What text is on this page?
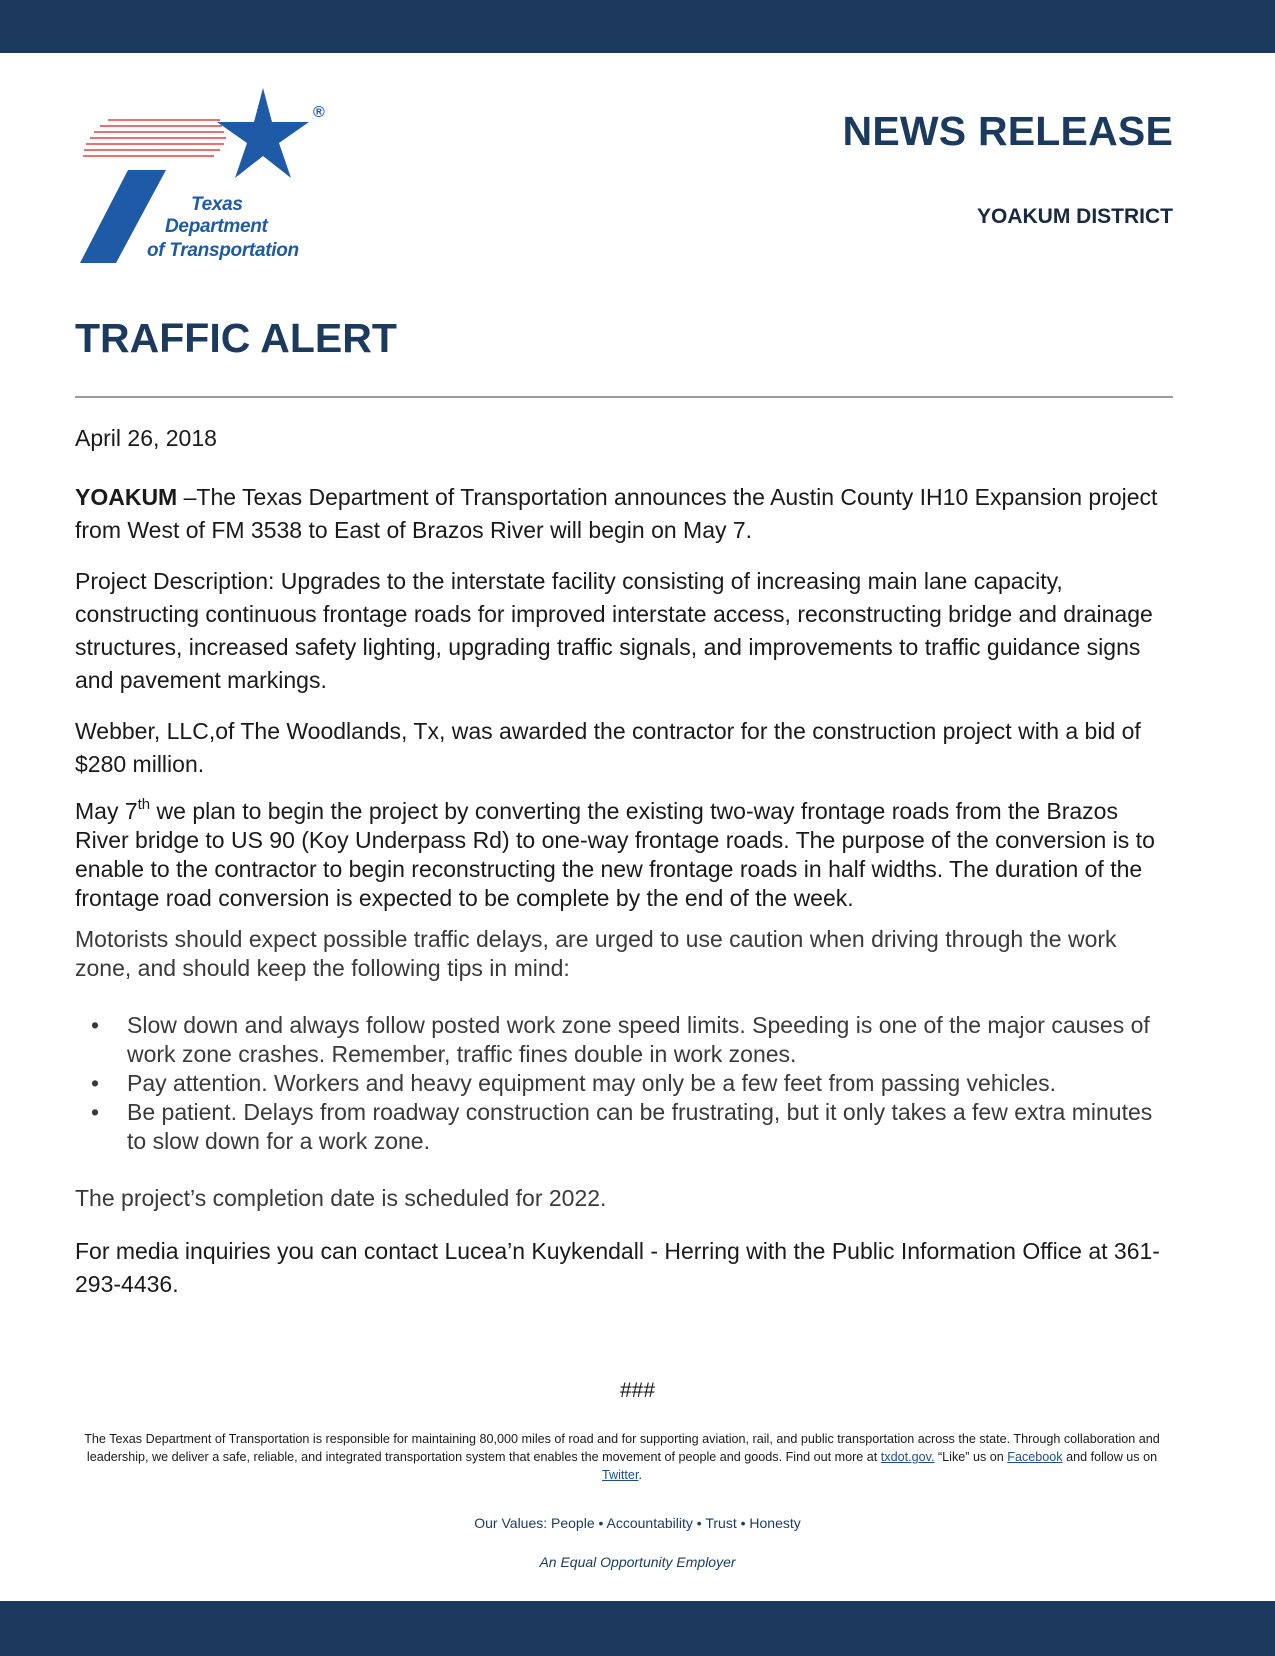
Texas
Department
of Transportation
®	NEWS RELEASE
YOAKUM DISTRICT
TRAFFIC ALERT

April 26, 2018

YOAKUM –The Texas Department of Transportation announces the Austin County IH10 Expansion project from West of FM 3538 to East of Brazos River will begin on May 7.

Project Description: Upgrades to the interstate facility consisting of increasing main lane capacity, constructing continuous frontage roads for improved interstate access, reconstructing bridge and drainage structures, increased safety lighting, upgrading traffic signals, and improvements to traffic guidance signs and pavement markings.

Webber, LLC,of The Woodlands, Tx, was awarded the contractor for the construction project with a bid of $280 million.

May 7th we plan to begin the project by converting the existing two-way frontage roads from the Brazos River bridge to US 90 (Koy Underpass Rd) to one-way frontage roads. The purpose of the conversion is to enable to the contractor to begin reconstructing the new frontage roads in half widths. The duration of the frontage road conversion is expected to be complete by the end of the week.

Motorists should expect possible traffic delays, are urged to use caution when driving through the work zone, and should keep the following tips in mind:

• Slow down and always follow posted work zone speed limits. Speeding is one of the major causes of work zone crashes. Remember, traffic fines double in work zones.
• Pay attention. Workers and heavy equipment may only be a few feet from passing vehicles.
• Be patient. Delays from roadway construction can be frustrating, but it only takes a few extra minutes to slow down for a work zone.

The project’s completion date is scheduled for 2022.

For media inquiries you can contact Lucea’n Kuykendall - Herring with the Public Information Office at 361-293-4436.

###
The Texas Department of Transportation is responsible for maintaining 80,000 miles of road and for supporting aviation, rail, and public transportation across the state. Through collaboration and leadership, we deliver a safe, reliable, and integrated transportation system that enables the movement of people and goods. Find out more at txdot.gov. “Like” us on Facebook and follow us on Twitter.
Our Values: People • Accountability • Trust • Honesty
An Equal Opportunity Employer
